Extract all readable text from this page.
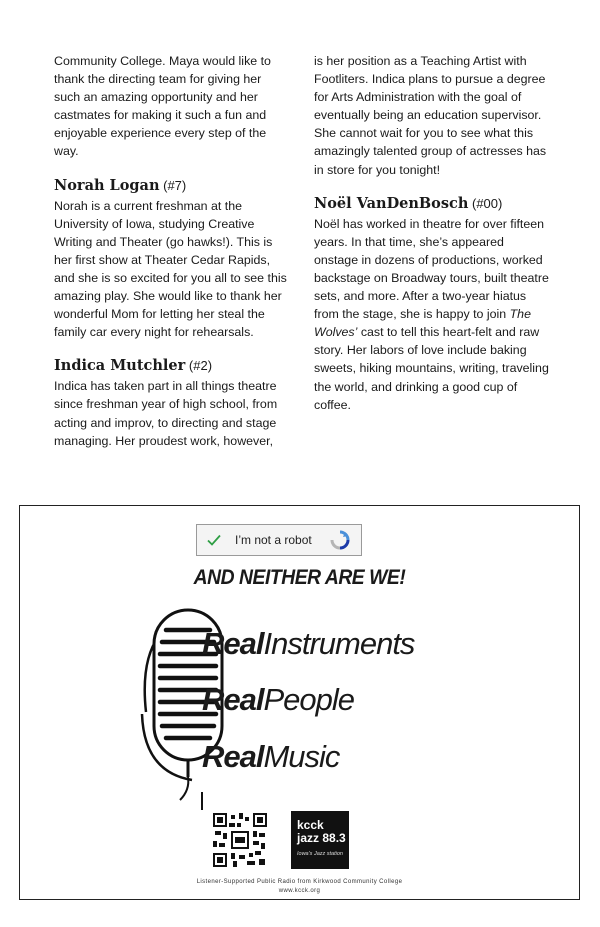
Community College. Maya would like to thank the directing team for giving her such an amazing opportunity and her castmates for making it such a fun and enjoyable experience every step of the way.

Norah Logan (#7)

Norah is a current freshman at the University of Iowa, studying Creative Writing and Theater (go hawks!). This is her first show at Theater Cedar Rapids, and she is so excited for you all to see this amazing play. She would like to thank her wonderful Mom for letting her steal the family car every night for rehearsals.

Indica Mutchler (#2)

Indica has taken part in all things theatre since freshman year of high school, from acting and improv, to directing and stage managing. Her proudest work, however,

is her position as a Teaching Artist with Footliters. Indica plans to pursue a degree for Arts Administration with the goal of eventually being an education supervisor. She cannot wait for you to see what this amazingly talented group of actresses has in store for you tonight!

Noël VanDenBosch (#00)

Noël has worked in theatre for over fifteen years. In that time, she’s appeared onstage in dozens of productions, worked backstage on Broadway tours, built theatre sets, and more. After a two-year hiatus from the stage, she is happy to join The Wolves’ cast to tell this heart-felt and raw story. Her labors of love include baking sweets, hiking mountains, writing, traveling the world, and drinking a good cup of coffee.

I’m not a robot
AND NEITHER ARE WE!
RealInstruments
RealPeople
RealMusic
kcck
jazz 88.3
Iowa's Jazz station
Listener-Supported Public Radio from Kirkwood Community College
www.kcck.org
